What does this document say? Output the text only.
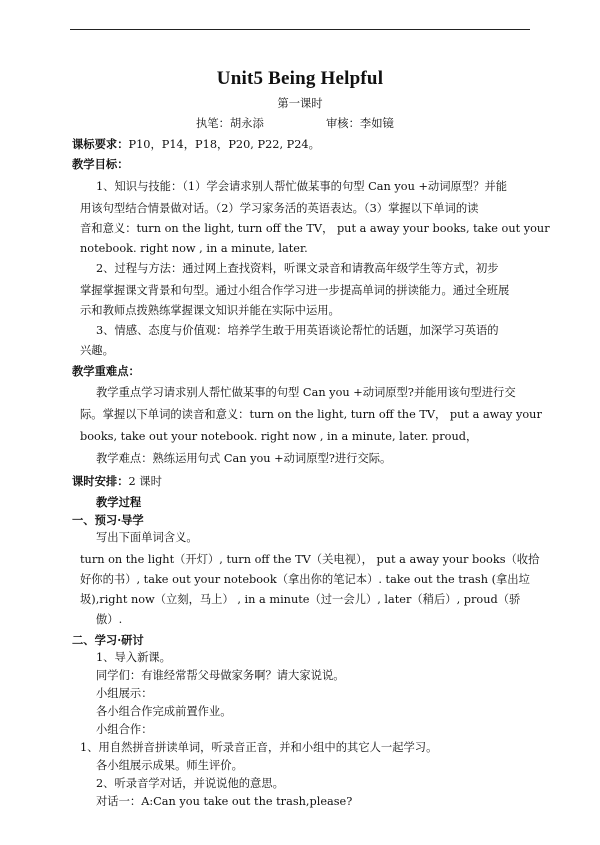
Unit5 Being Helpful
第一课时
执笔：胡永添	审核：李如镜
课标要求：P10，P14，P18，P20, P22, P24。
教学目标：
1、知识与技能：（1）学会请求别人帮忙做某事的句型 Can you +动词原型？并能
用该句型结合情景做对话。（2）学习家务活的英语表达。（3）掌握以下单词的读
音和意义：turn on the light, turn off the TV， put a away your books, take out your
notebook. right now , in a minute, later.
2、过程与方法：通过网上查找资料，听课文录音和请教高年级学生等方式，初步
掌握掌握课文背景和句型。通过小组合作学习进一步提高单词的拼读能力。通过全班展
示和教师点拨熟练掌握课文知识并能在实际中运用。
3、情感、态度与价值观：培养学生敢于用英语谈论帮忙的话题，加深学习英语的
兴趣。
教学重难点：
教学重点学习请求别人帮忙做某事的句型 Can you +动词原型?并能用该句型进行交
际。掌握以下单词的读音和意义：turn on the light, turn off the TV， put a away your
books, take out your notebook. right now , in a minute, later. proud，
教学难点：熟练运用句式 Can you +动词原型?进行交际。
课时安排：2 课时
教学过程
一、预习·导学
写出下面单词含义。
turn on the light（开灯）, turn off the TV（关电视）， put a away your books（收拾
好你的书）, take out your notebook（拿出你的笔记本）. take out the trash (拿出垃
圾),right now（立刻，马上） , in a minute（过一会儿）, later（稍后）, proud（骄
傲）.
二、学习·研讨
1、导入新课。
同学们：有谁经常帮父母做家务啊？请大家说说。
小组展示：
各小组合作完成前置作业。
小组合作：
1、用自然拼音拼读单词，听录音正音，并和小组中的其它人一起学习。
各小组展示成果。师生评价。
2、听录音学对话，并说说他的意思。
对话一：A:Can you take out the trash,please?
